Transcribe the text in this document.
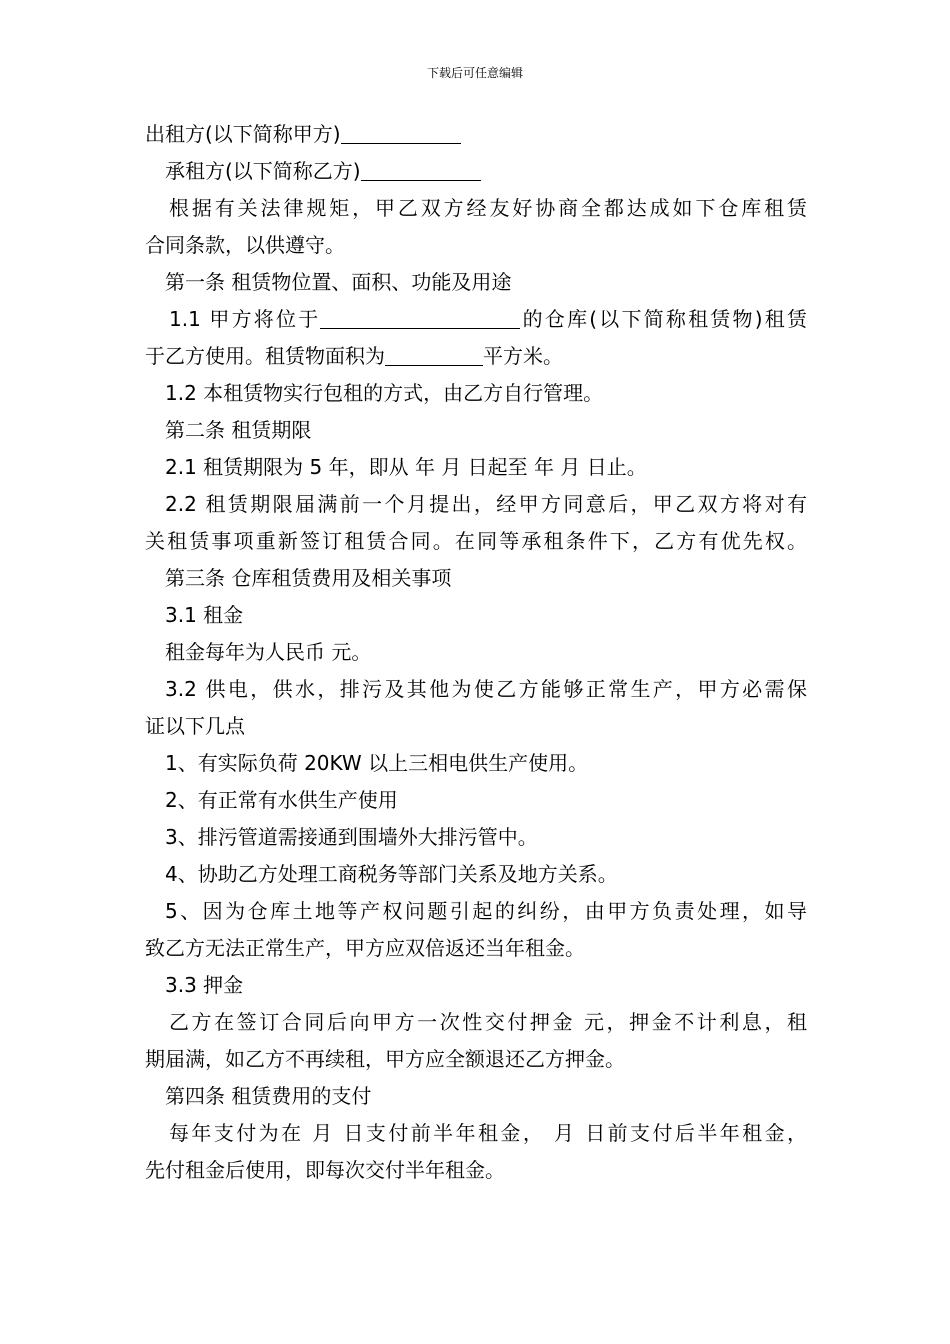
下载后可任意编辑
出租方(以下简称甲方)
承租方(以下简称乙方)
根据有关法律规矩，甲乙双方经友好协商全都达成如下仓库租赁
合同条款，以供遵守。
第一条 租赁物位置、面积、功能及用途
1.1 甲方将位于	的仓库(以下简称租赁物)租赁
于乙方使用。租赁物面积为	平方米。
1.2 本租赁物实行包租的方式，由乙方自行管理。
第二条 租赁期限
2.1 租赁期限为 5 年，即从 年 月 日起至 年 月 日止。
2.2 租赁期限届满前一个月提出，经甲方同意后，甲乙双方将对有
关租赁事项重新签订租赁合同。在同等承租条件下，乙方有优先权。
第三条 仓库租赁费用及相关事项
3.1 租金
租金每年为人民币 元。
3.2 供电，供水，排污及其他为使乙方能够正常生产，甲方必需保
证以下几点
1、有实际负荷 20KW 以上三相电供生产使用。
2、有正常有水供生产使用
3、排污管道需接通到围墙外大排污管中。
4、协助乙方处理工商税务等部门关系及地方关系。
5、因为仓库土地等产权问题引起的纠纷，由甲方负责处理，如导
致乙方无法正常生产，甲方应双倍返还当年租金。
3.3 押金
乙方在签订合同后向甲方一次性交付押金 元，押金不计利息，租
期届满，如乙方不再续租，甲方应全额退还乙方押金。
第四条 租赁费用的支付
每年支付为在 月 日支付前半年租金， 月 日前支付后半年租金，
先付租金后使用，即每次交付半年租金。
